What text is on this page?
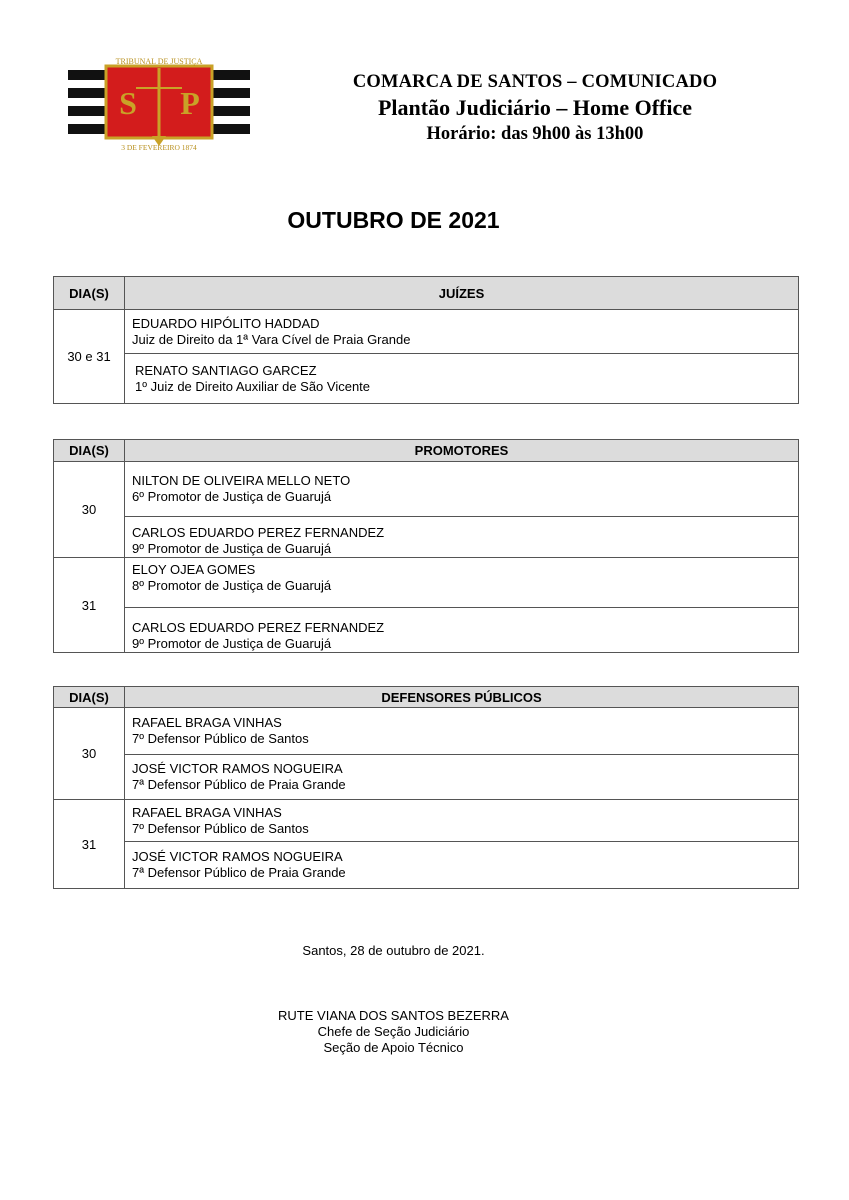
S P
TRIBUNAL DE JUSTIÇA
3 DE FEVEREIRO 1874
COMARCA DE SANTOS – COMUNICADO
Plantão Judiciário – Home Office
Horário: das 9h00 às 13h00
OUTUBRO DE 2021
DIA(S)	JUÍZES
30 e 31	EDUARDO HIPÓLITO HADDAD
Juiz de Direito da 1ª Vara Cível de Praia Grande

	RENATO SANTIAGO GARCEZ
1º Juiz de Direito Auxiliar de São Vicente
DIA(S)	PROMOTORES
30	NILTON DE OLIVEIRA MELLO NETO
6º Promotor de Justiça de Guarujá

	CARLOS EDUARDO PEREZ FERNANDEZ
9º Promotor de Justiça de Guarujá

31	ELOY OJEA GOMES
8º Promotor de Justiça de Guarujá

	CARLOS EDUARDO PEREZ FERNANDEZ
9º Promotor de Justiça de Guarujá
DIA(S)	DEFENSORES PÚBLICOS
30	RAFAEL BRAGA VINHAS
7º Defensor Público de Santos

	JOSÉ VICTOR RAMOS NOGUEIRA
7ª Defensor Público de Praia Grande

31	RAFAEL BRAGA VINHAS
7º Defensor Público de Santos

	JOSÉ VICTOR RAMOS NOGUEIRA
7ª Defensor Público de Praia Grande
Santos, 28 de outubro de 2021.
RUTE VIANA DOS SANTOS BEZERRA
Chefe de Seção Judiciário
Seção de Apoio Técnico
